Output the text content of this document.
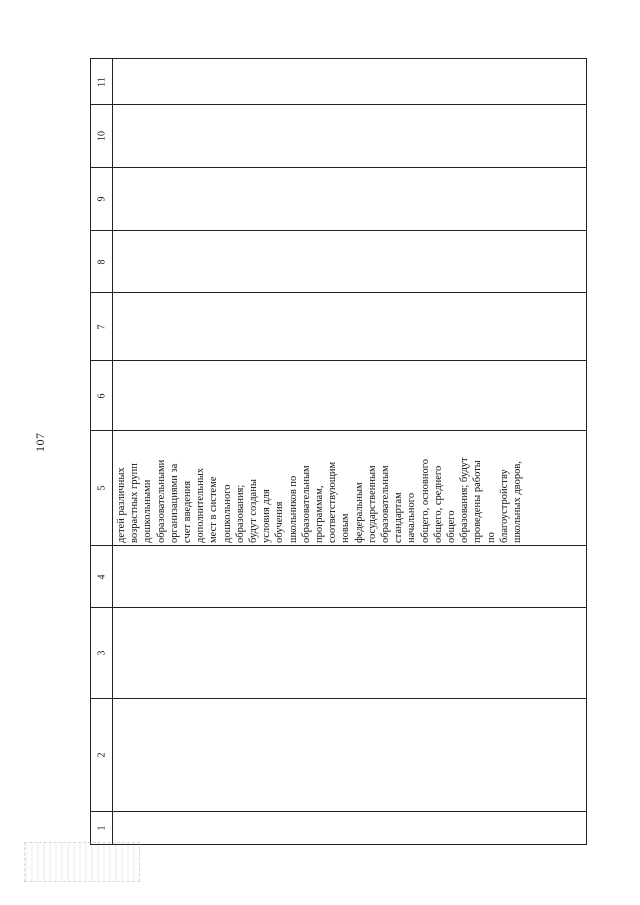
107
11
10
9
8
7
6
5 детей различных возрастных групп дошкольными образовательными организациями за счет введения дополнительных мест в системе дошкольного образования; будут созданы условия для обучения школьников по образовательным программам, соответствующим новым федеральным государственным образовательным стандартам начального общего, основного общего, среднего общего образования; будут проведены работы по благоустройству школьных дворов,
4
3
2
1
